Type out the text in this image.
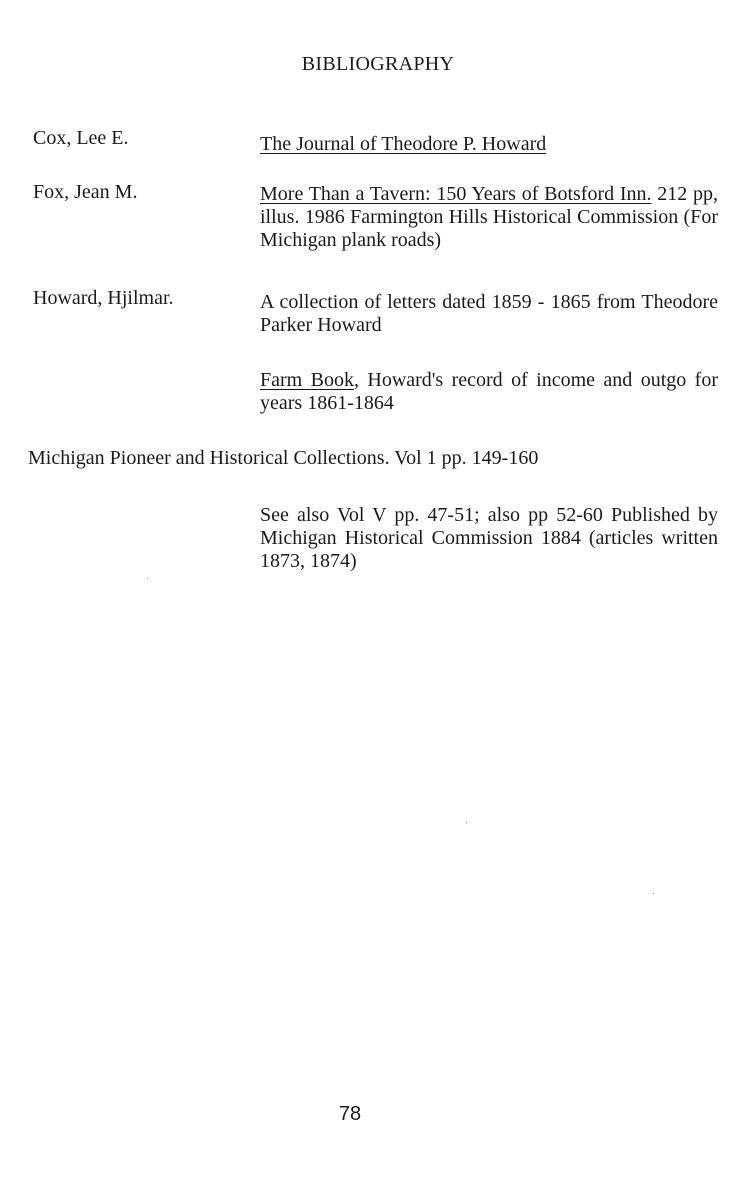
BIBLIOGRAPHY
Cox, Lee E.	The Journal of Theodore P. Howard
Fox, Jean M.	More Than a Tavern: 150 Years of Botsford Inn. 212 pp, illus. 1986 Farmington Hills Historical Commission (For Michigan plank roads)
Howard, Hjilmar.	A collection of letters dated 1859 - 1865 from Theodore Parker Howard
Farm Book, Howard's record of income and outgo for years 1861-1864
Michigan Pioneer and Historical Collections. Vol 1 pp. 149-160
See also Vol V pp. 47-51; also pp 52-60 Published by Michigan Historical Commission 1884 (articles written 1873, 1874)
78
